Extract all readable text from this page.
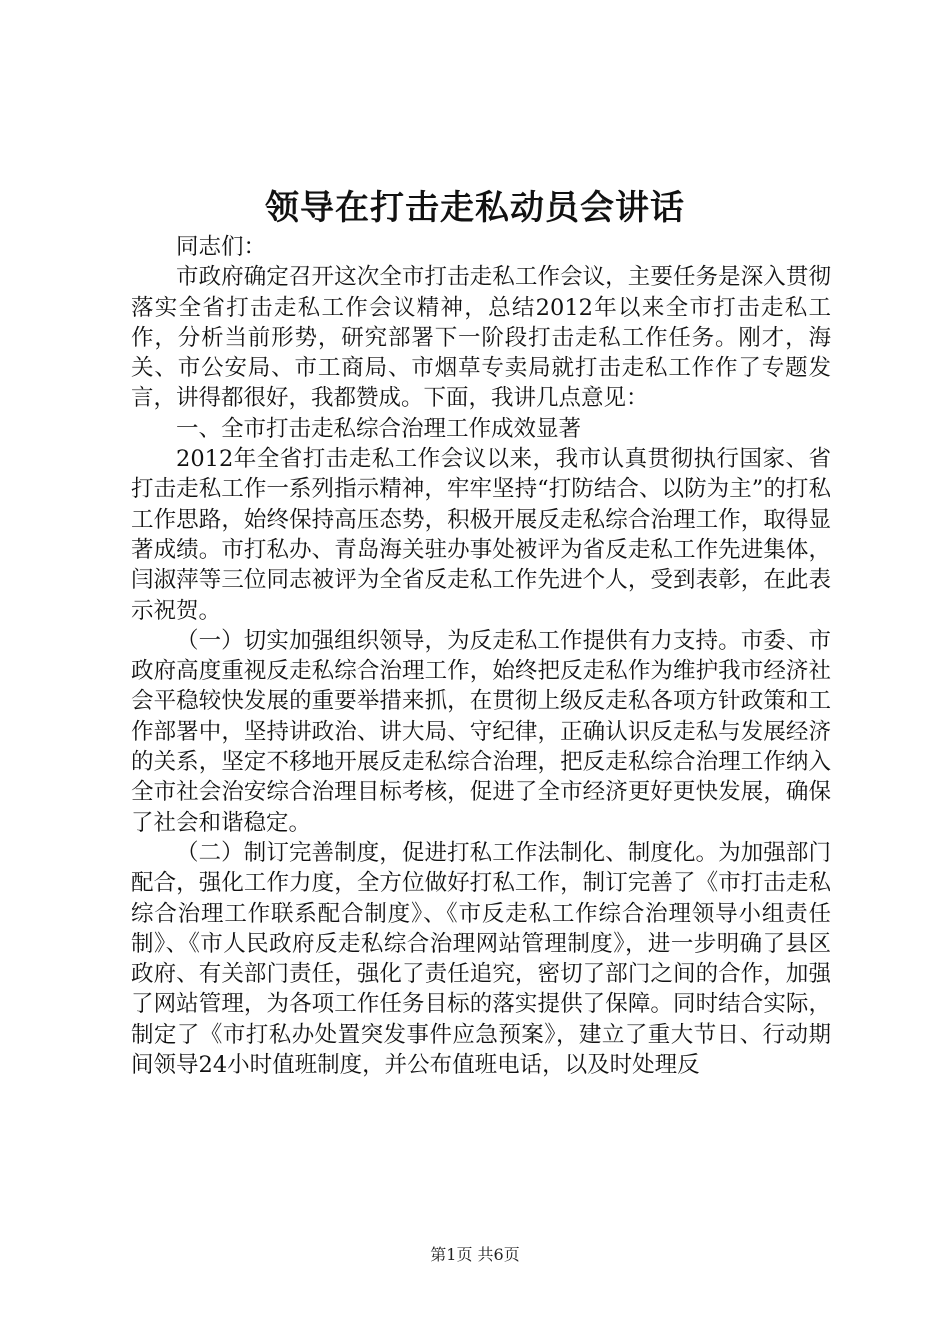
领导在打击走私动员会讲话

同志们：

市政府确定召开这次全市打击走私工作会议，主要任务是深入贯彻落实全省打击走私工作会议精神，总结2012年以来全市打击走私工作，分析当前形势，研究部署下一阶段打击走私工作任务。刚才，海关、市公安局、市工商局、市烟草专卖局就打击走私工作作了专题发言，讲得都很好，我都赞成。下面，我讲几点意见：

一、全市打击走私综合治理工作成效显著

2012年全省打击走私工作会议以来，我市认真贯彻执行国家、省打击走私工作一系列指示精神，牢牢坚持“打防结合、以防为主”的打私工作思路，始终保持高压态势，积极开展反走私综合治理工作，取得显著成绩。市打私办、青岛海关驻办事处被评为省反走私工作先进集体，闫淑萍等三位同志被评为全省反走私工作先进个人，受到表彰，在此表示祝贺。

（一）切实加强组织领导，为反走私工作提供有力支持。市委、市政府高度重视反走私综合治理工作，始终把反走私作为维护我市经济社会平稳较快发展的重要举措来抓，在贯彻上级反走私各项方针政策和工作部署中，坚持讲政治、讲大局、守纪律，正确认识反走私与发展经济的关系，坚定不移地开展反走私综合治理，把反走私综合治理工作纳入全市社会治安综合治理目标考核，促进了全市经济更好更快发展，确保了社会和谐稳定。

（二）制订完善制度，促进打私工作法制化、制度化。为加强部门配合，强化工作力度，全方位做好打私工作，制订完善了《市打击走私综合治理工作联系配合制度》、《市反走私工作综合治理领导小组责任制》、《市人民政府反走私综合治理网站管理制度》，进一步明确了县区政府、有关部门责任，强化了责任追究，密切了部门之间的合作，加强了网站管理，为各项工作任务目标的落实提供了保障。同时结合实际，制定了《市打私办处置突发事件应急预案》，建立了重大节日、行动期间领导24小时值班制度，并公布值班电话，以及时处理反

第1页 共6页
